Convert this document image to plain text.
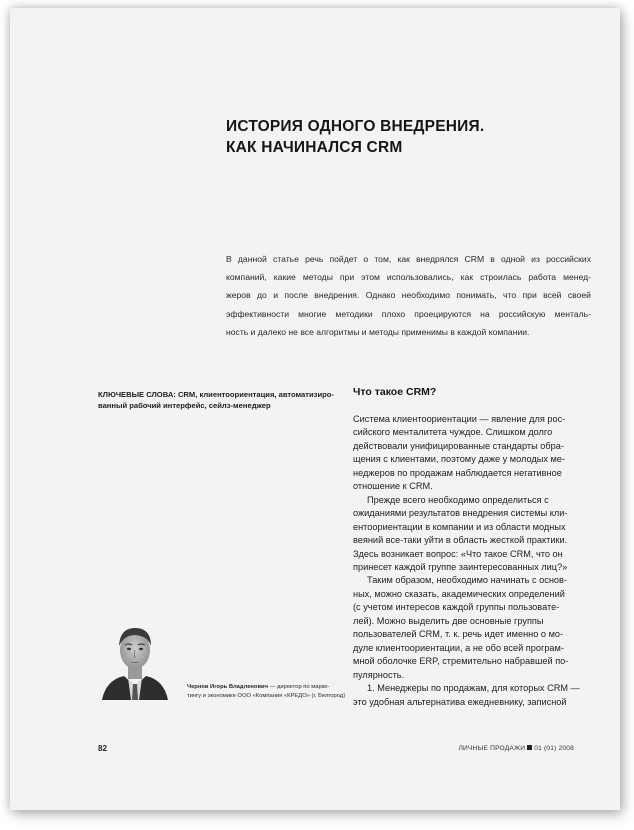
ИСТОРИЯ ОДНОГО ВНЕДРЕНИЯ.
КАК НАЧИНАЛСЯ CRM
В данной статье речь пойдет о том, как внедрялся CRM в одной из российских
компаний, какие методы при этом использовались, как строилась работа менед-
жеров до и после внедрения. Однако необходимо понимать, что при всей своей
эффективности многие методики плохо проецируются на российскую менталь-
ность и далеко не все алгоритмы и методы применимы в каждой компании.
КЛЮЧЕВЫЕ СЛОВА: CRM, клиентоориентация, автоматизиро-
ванный рабочий интерфейс, сейлз-менеджер
Что такое CRM?
Система клиентоориентации — явление для рос-
сийского менталитета чуждое. Слишком долго
действовали унифицированные стандарты обра-
щения с клиентами, поэтому даже у молодых ме-
неджеров по продажам наблюдается негативное
отношение к CRM.
Прежде всего необходимо определиться с
ожиданиями результатов внедрения системы кли-
ентоориентации в компании и из области модных
веяний все-таки уйти в область жесткой практики.
Здесь возникает вопрос: «Что такое CRM, что он
принесет каждой группе заинтересованных лиц?»
Таким образом, необходимо начинать с основ-
ных, можно сказать, академических определений
(с учетом интересов каждой группы пользовате-
лей). Можно выделить две основные группы
пользователей CRM, т. к. речь идет именно о мо-
дуле клиентоориентации, а не обо всей програм-
мной оболочке ERP, стремительно набравшей по-
пулярность.
1. Менеджеры по продажам, для которых CRM —
это удобная альтернатива ежедневнику, записной
Чернов Игорь Владленович — директор по марке-
тингу и экономике ООО «Компания «КРЕДО» (г. Белгород)
82	ЛИЧНЫЕ ПРОДАЖИ 01 (01) 2008
